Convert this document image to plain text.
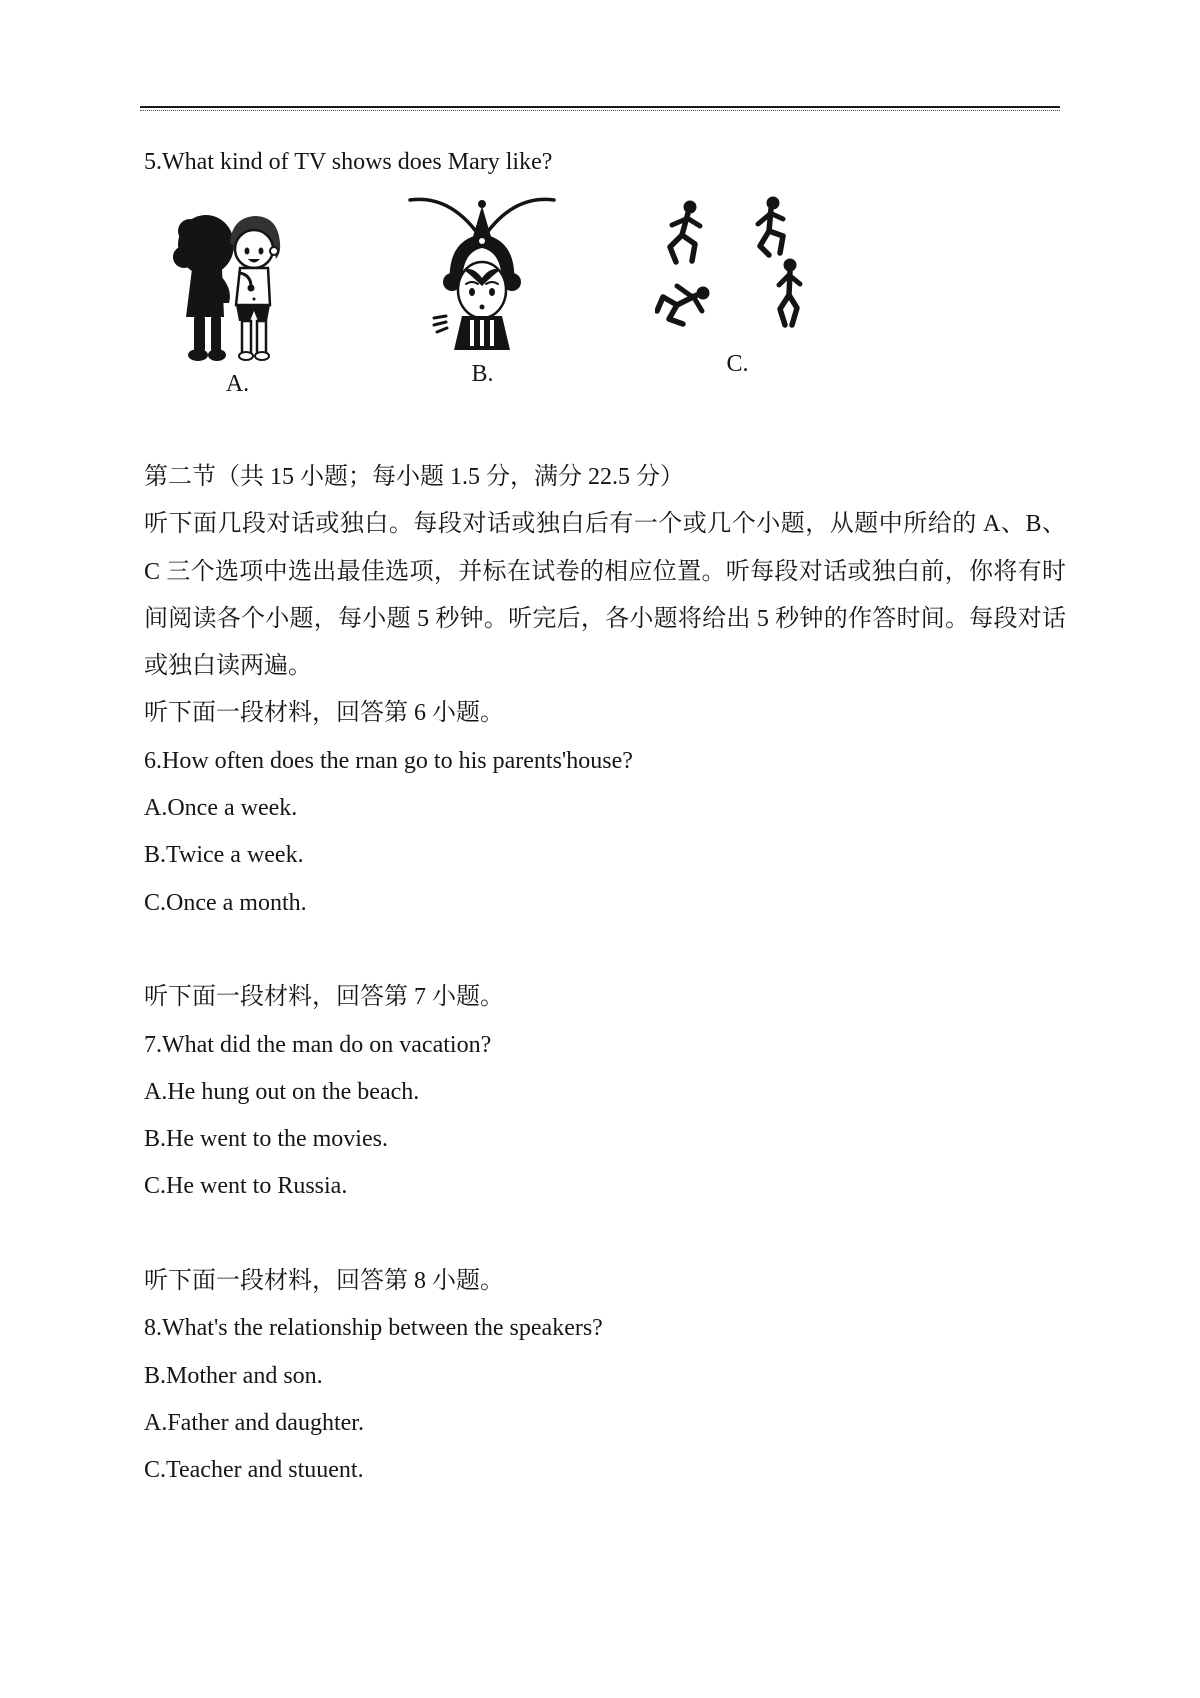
5.What kind of TV shows does Mary like?
A.	B.	C.
第二节（共 15 小题；每小题 1.5 分，满分 22.5 分）
听下面几段对话或独白。每段对话或独白后有一个或几个小题，从题中所给的 A、B、
C 三个选项中选出最佳选项，并标在试卷的相应位置。听每段对话或独白前，你将有时
间阅读各个小题，每小题 5 秒钟。听完后，各小题将给出 5 秒钟的作答时间。每段对话
或独白读两遍。
听下面一段材料，回答第 6 小题。
6.How often does the rnan go to his parents'house?
A.Once a week.
B.Twice a week.
C.Once a month.
听下面一段材料，回答第 7 小题。
7.What did the man do on vacation?
A.He hung out on the beach.
B.He went to the movies.
C.He went to Russia.
听下面一段材料，回答第 8 小题。
8.What's the relationship between the speakers?
B.Mother and son.
A.Father and daughter.
C.Teacher and stuuent.
